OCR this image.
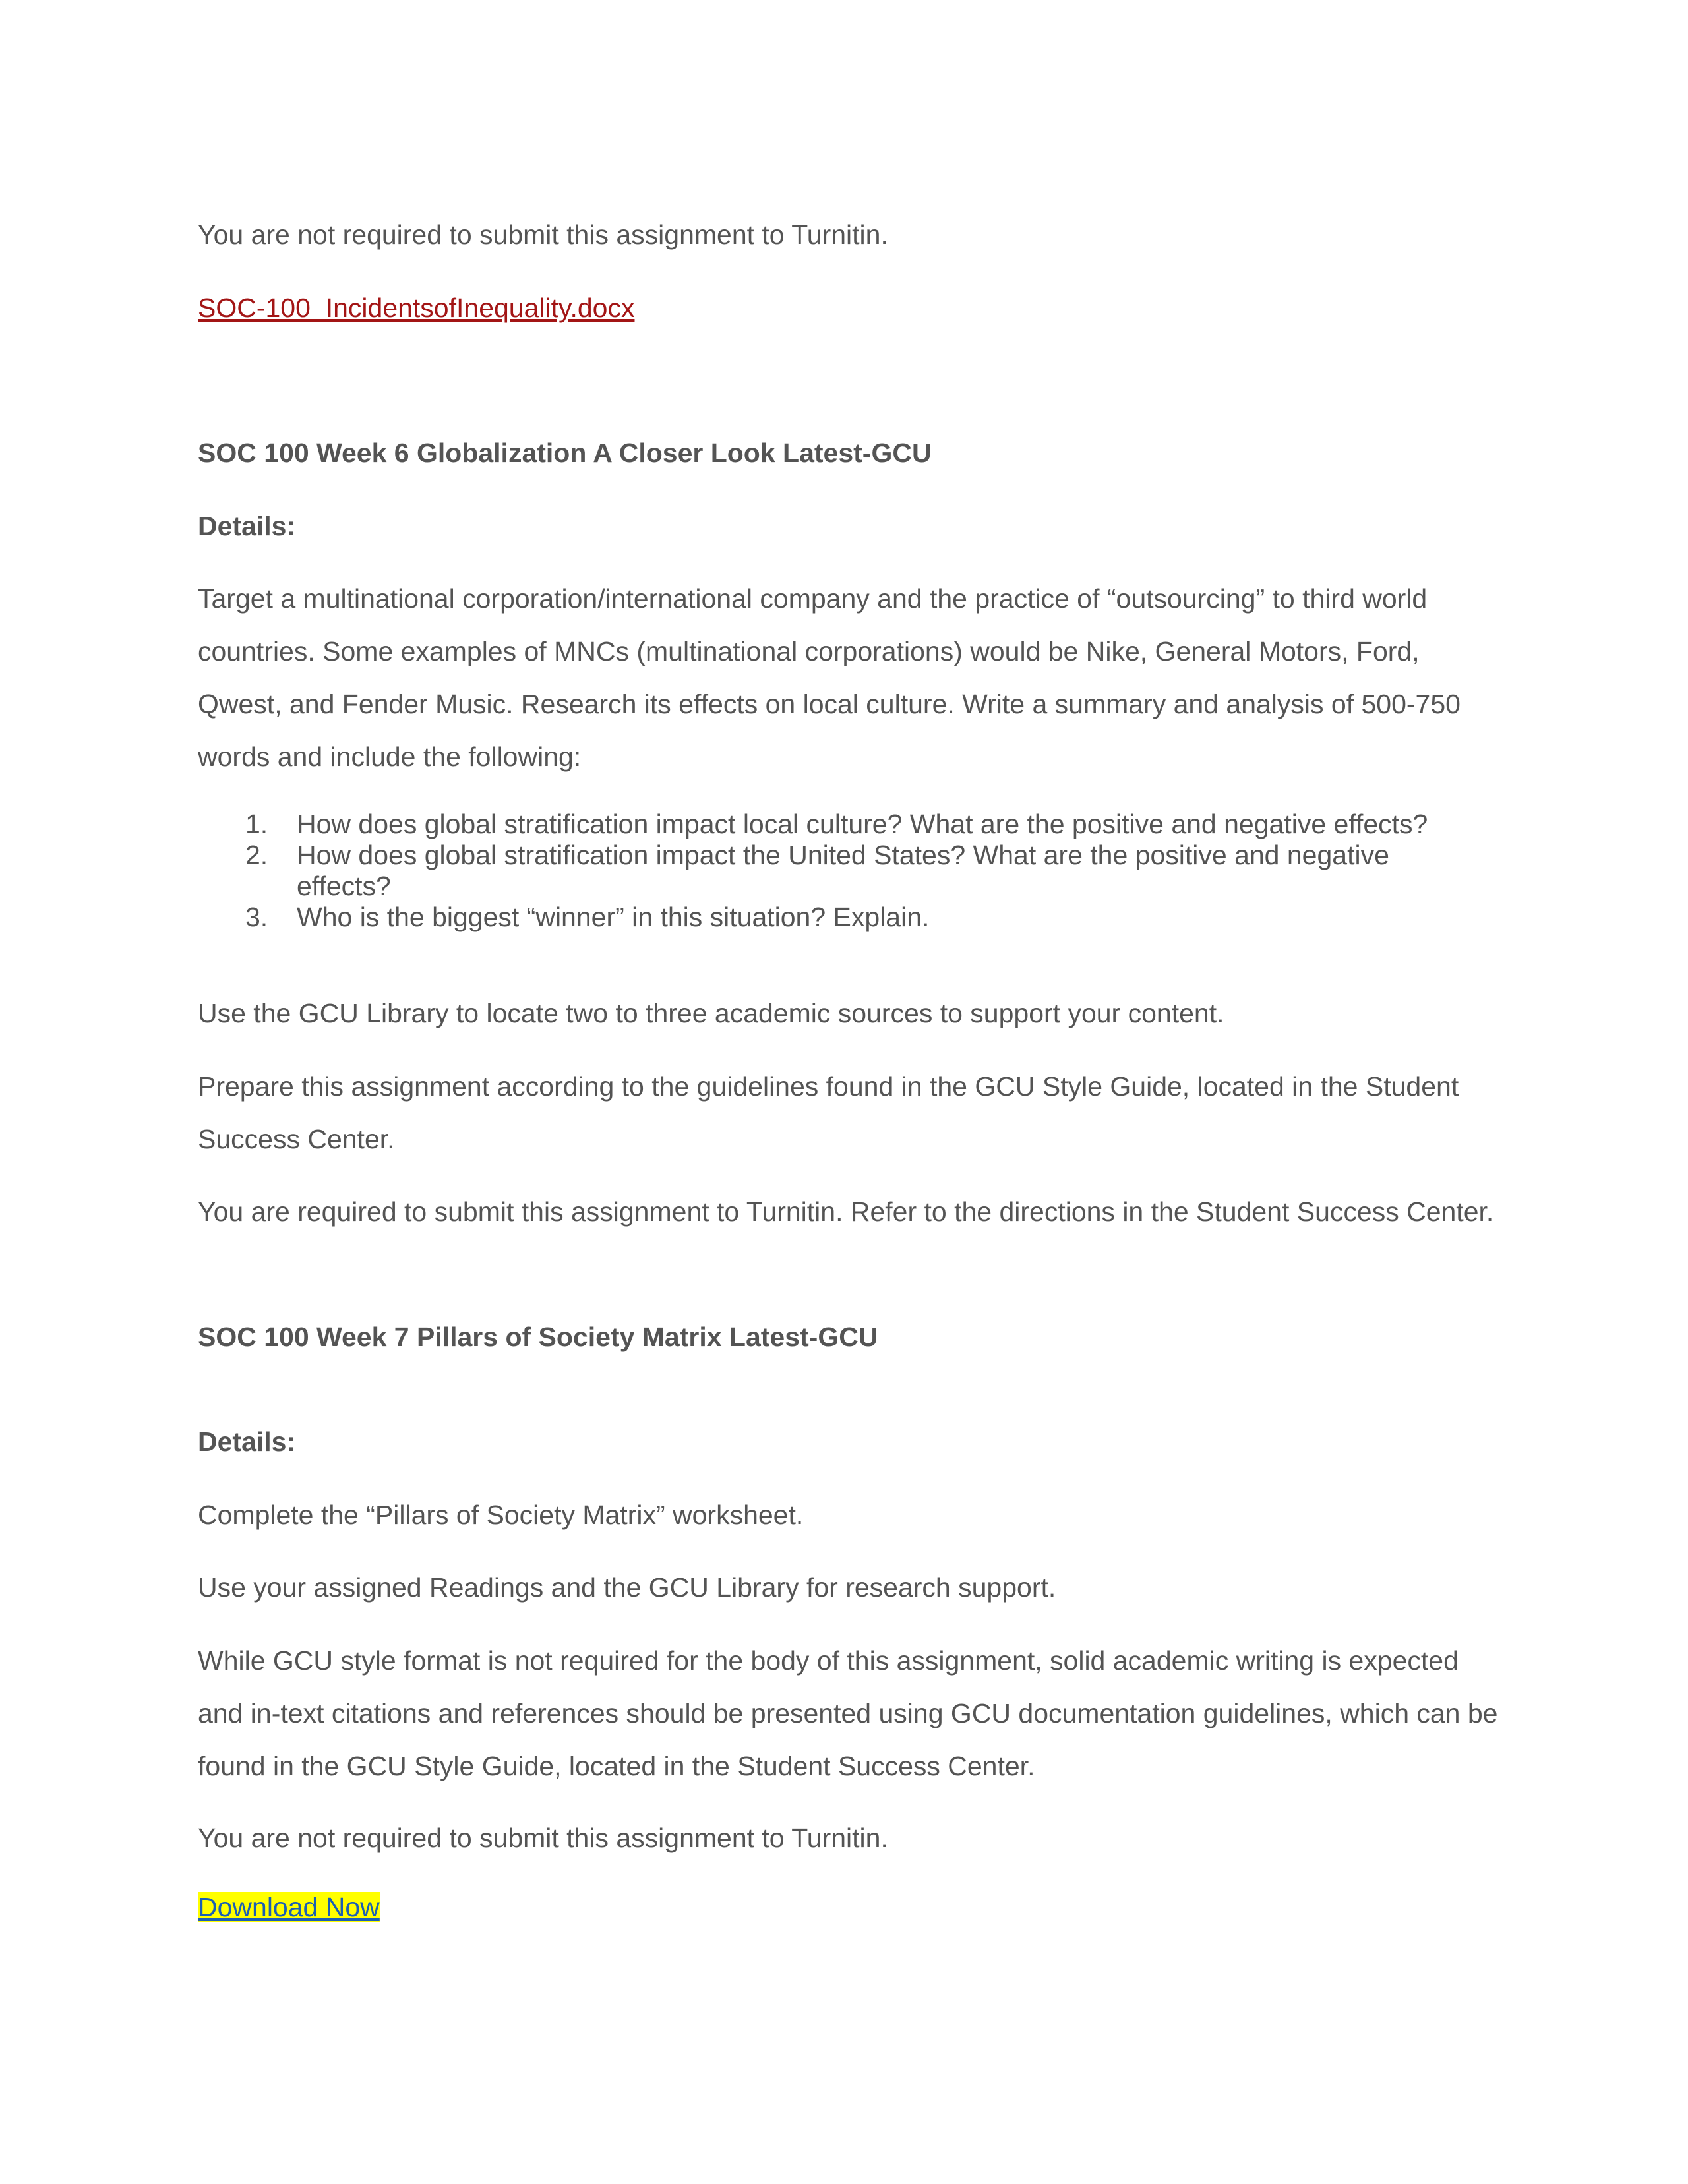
You are not required to submit this assignment to Turnitin.

SOC-100_IncidentsofInequality.docx

SOC 100 Week 6 Globalization A Closer Look Latest-GCU

Details:

Target a multinational corporation/international company and the practice of “outsourcing” to third world countries. Some examples of MNCs (multinational corporations) would be Nike, General Motors, Ford, Qwest, and Fender Music. Research its effects on local culture. Write a summary and analysis of 500-750 words and include the following:

1.	How does global stratification impact local culture? What are the positive and negative effects?
2.	How does global stratification impact the United States? What are the positive and negative effects?
3.	Who is the biggest “winner” in this situation? Explain.

Use the GCU Library to locate two to three academic sources to support your content.

Prepare this assignment according to the guidelines found in the GCU Style Guide, located in the Student Success Center.

You are required to submit this assignment to Turnitin. Refer to the directions in the Student Success Center.

SOC 100 Week 7 Pillars of Society Matrix Latest-GCU

Details:

Complete the “Pillars of Society Matrix” worksheet.

Use your assigned Readings and the GCU Library for research support.

While GCU style format is not required for the body of this assignment, solid academic writing is expected and in-text citations and references should be presented using GCU documentation guidelines, which can be found in the GCU Style Guide, located in the Student Success Center.

You are not required to submit this assignment to Turnitin.

Download Now
